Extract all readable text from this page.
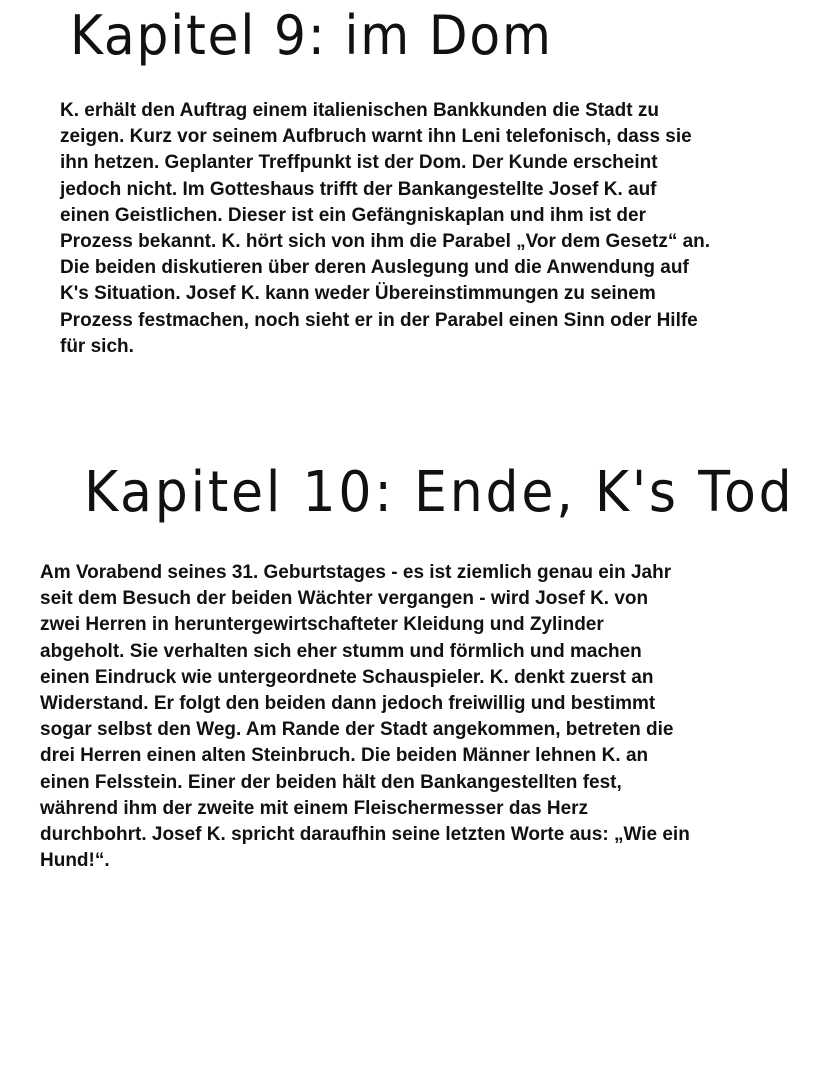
Kapitel 9: im Dom

K. erhält den Auftrag einem italienischen Bankkunden die Stadt zu
zeigen. Kurz vor seinem Aufbruch warnt ihn Leni telefonisch, dass sie
ihn hetzen. Geplanter Treffpunkt ist der Dom. Der Kunde erscheint
jedoch nicht. Im Gotteshaus trifft der Bankangestellte Josef K. auf
einen Geistlichen. Dieser ist ein Gefängniskaplan und ihm ist der
Prozess bekannt. K. hört sich von ihm die Parabel „Vor dem Gesetz“ an.
Die beiden diskutieren über deren Auslegung und die Anwendung auf
K's Situation. Josef K. kann weder Übereinstimmungen zu seinem
Prozess festmachen, noch sieht er in der Parabel einen Sinn oder Hilfe
für sich.

Kapitel 10: Ende, K's Tod

Am Vorabend seines 31. Geburtstages - es ist ziemlich genau ein Jahr
seit dem Besuch der beiden Wächter vergangen - wird Josef K. von
zwei Herren in heruntergewirtschafteter Kleidung und Zylinder
abgeholt. Sie verhalten sich eher stumm und förmlich und machen
einen Eindruck wie untergeordnete Schauspieler. K. denkt zuerst an
Widerstand. Er folgt den beiden dann jedoch freiwillig und bestimmt
sogar selbst den Weg. Am Rande der Stadt angekommen, betreten die
drei Herren einen alten Steinbruch. Die beiden Männer lehnen K. an
einen Felsstein. Einer der beiden hält den Bankangestellten fest,
während ihm der zweite mit einem Fleischermesser das Herz
durchbohrt. Josef K. spricht daraufhin seine letzten Worte aus: „Wie ein
Hund!“.
